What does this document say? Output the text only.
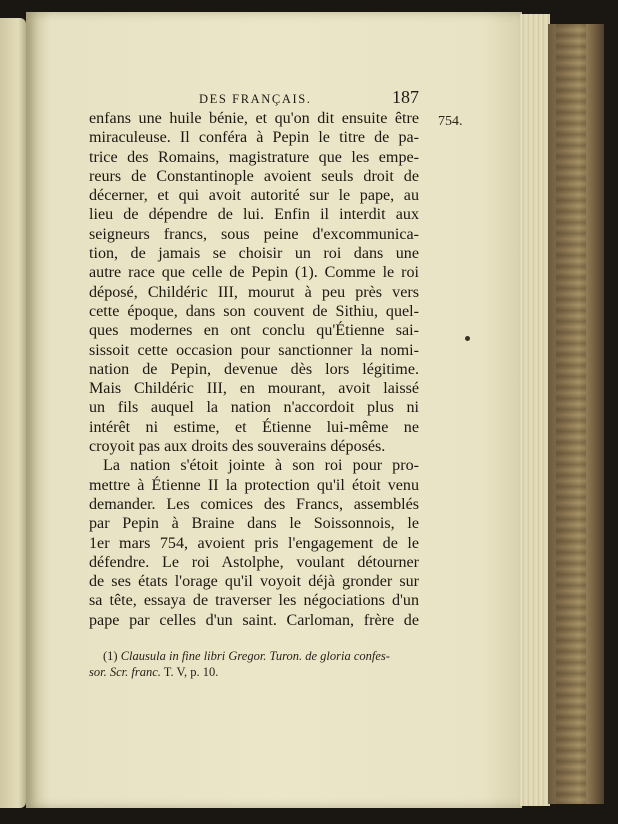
DES FRANÇAIS.	187
754.
enfans une huile bénie, et qu'on dit ensuite être
miraculeuse. Il conféra à Pepin le titre de pa-
trice des Romains, magistrature que les empe-
reurs de Constantinople avoient seuls droit de
décerner, et qui avoit autorité sur le pape, au
lieu de dépendre de lui. Enfin il interdit aux
seigneurs francs, sous peine d'excommunica-
tion, de jamais se choisir un roi dans une
autre race que celle de Pepin (1). Comme le roi
déposé, Childéric III, mourut à peu près vers
cette époque, dans son couvent de Sithiu, quel-
ques modernes en ont conclu qu'Étienne sai-
sissoit cette occasion pour sanctionner la nomi-
nation de Pepin, devenue dès lors légitime.
Mais Childéric III, en mourant, avoit laissé
un fils auquel la nation n'accordoit plus ni
intérêt ni estime, et Étienne lui-même ne
croyoit pas aux droits des souverains déposés.
La nation s'étoit jointe à son roi pour pro-
mettre à Étienne II la protection qu'il étoit venu
demander. Les comices des Francs, assemblés
par Pepin à Braine dans le Soissonnois, le
1er mars 754, avoient pris l'engagement de le
défendre. Le roi Astolphe, voulant détourner
de ses états l'orage qu'il voyoit déjà gronder sur
sa tête, essaya de traverser les négociations d'un
pape par celles d'un saint. Carloman, frère de
(1) Clausula in fine libri Gregor. Turon. de gloria confes-
sor. Scr. franc. T. V, p. 10.
